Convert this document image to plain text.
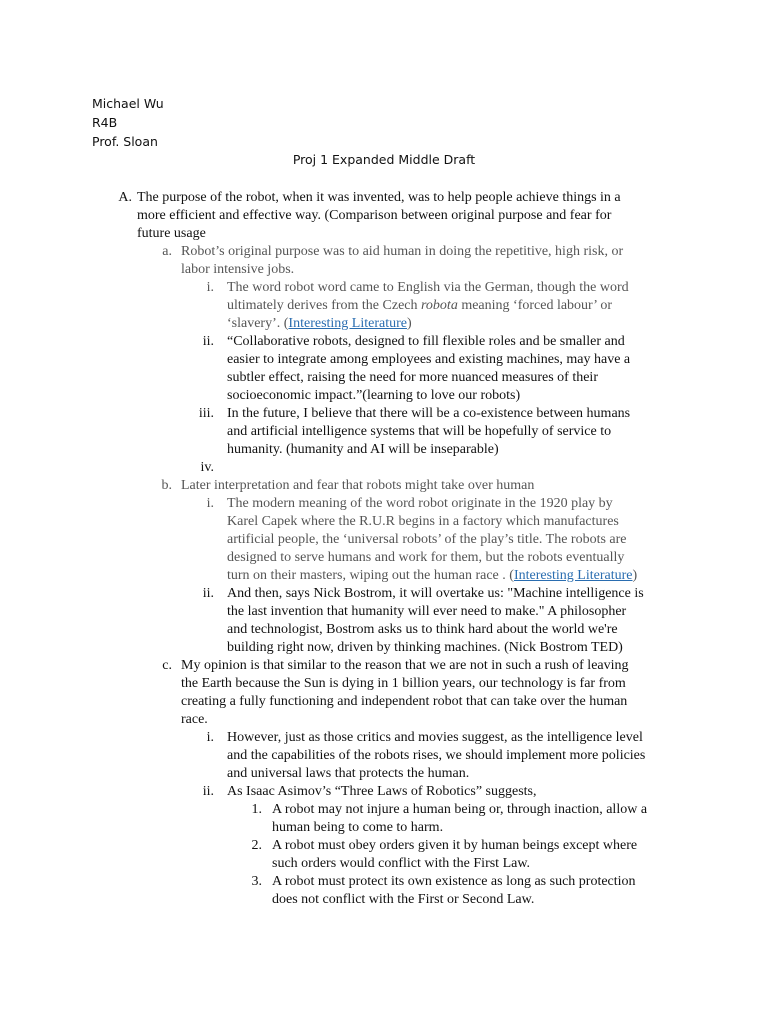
Michael Wu
R4B
Prof. Sloan
Proj 1 Expanded Middle Draft
A. The purpose of the robot, when it was invented, was to help people achieve things in a
more efficient and effective way. (Comparison between original purpose and fear for
future usage
a. Robot’s original purpose was to aid human in doing the repetitive, high risk, or
labor intensive jobs.
i. The word robot word came to English via the German, though the word
ultimately derives from the Czech robota meaning ‘forced labour’ or
‘slavery’. (Interesting Literature)
ii. “Collaborative robots, designed to fill flexible roles and be smaller and
easier to integrate among employees and existing machines, may have a
subtler effect, raising the need for more nuanced measures of their
socioeconomic impact.”(learning to love our robots)
iii. In the future, I believe that there will be a co-existence between humans
and artificial intelligence systems that will be hopefully of service to
humanity. (humanity and AI will be inseparable)
iv.
b. Later interpretation and fear that robots might take over human
i. The modern meaning of the word robot originate in the 1920 play by
Karel Capek where the R.U.R begins in a factory which manufactures
artificial people, the ‘universal robots’ of the play’s title. The robots are
designed to serve humans and work for them, but the robots eventually
turn on their masters, wiping out the human race . (Interesting Literature)
ii. And then, says Nick Bostrom, it will overtake us: "Machine intelligence is
the last invention that humanity will ever need to make." A philosopher
and technologist, Bostrom asks us to think hard about the world we're
building right now, driven by thinking machines. (Nick Bostrom TED)
c. My opinion is that similar to the reason that we are not in such a rush of leaving
the Earth because the Sun is dying in 1 billion years, our technology is far from
creating a fully functioning and independent robot that can take over the human
race.
i. However, just as those critics and movies suggest, as the intelligence level
and the capabilities of the robots rises, we should implement more policies
and universal laws that protects the human.
ii. As Isaac Asimov’s “Three Laws of Robotics” suggests,
1. A robot may not injure a human being or, through inaction, allow a
human being to come to harm.
2. A robot must obey orders given it by human beings except where
such orders would conflict with the First Law.
3. A robot must protect its own existence as long as such protection
does not conflict with the First or Second Law.
